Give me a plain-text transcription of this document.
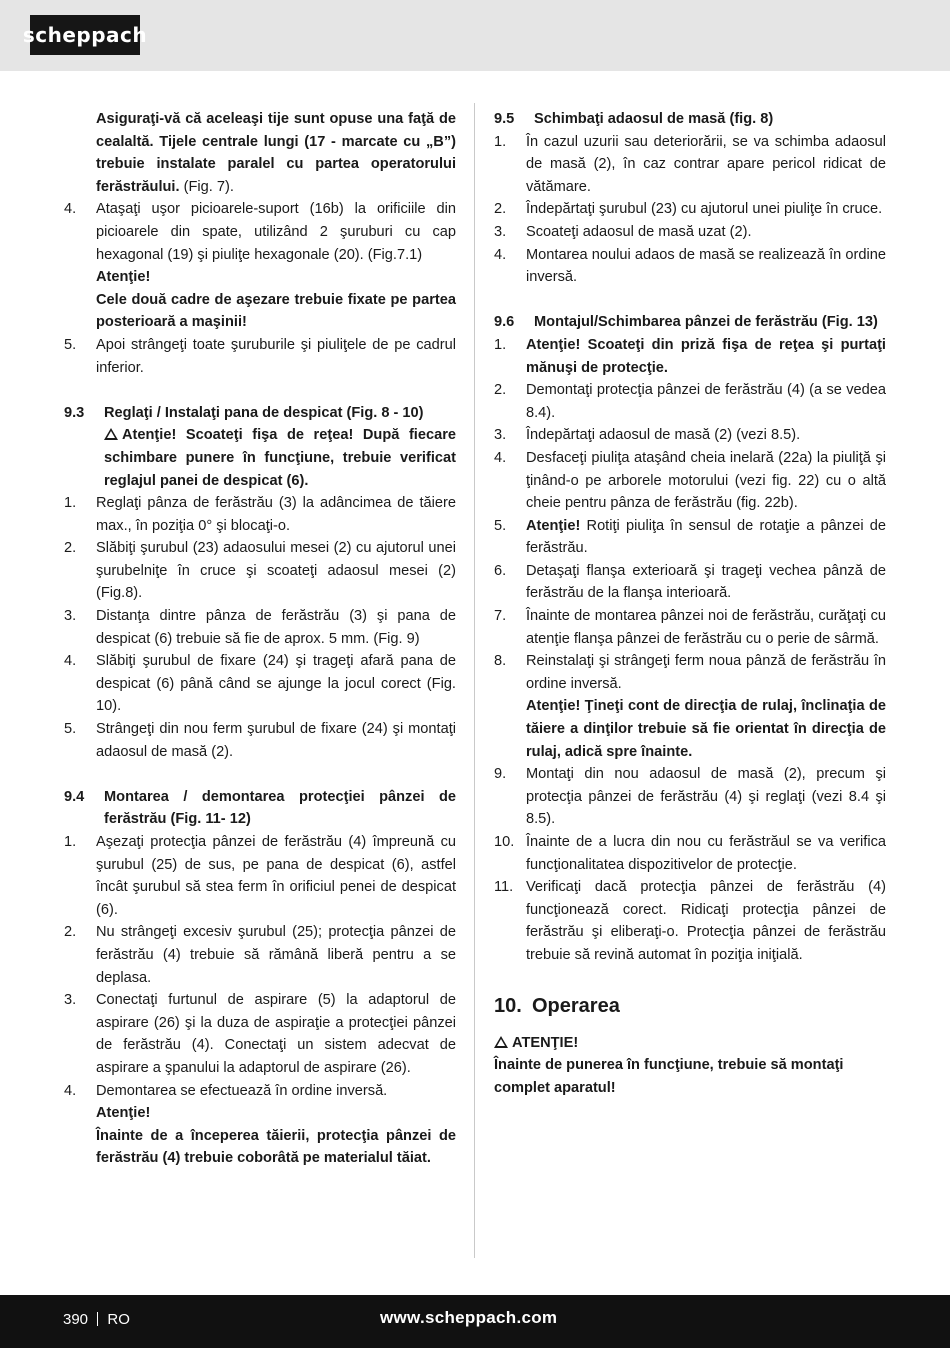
scheppach
Asiguraţi-vă că aceleaşi tije sunt opuse una faţă de cealaltă. Tijele centrale lungi (17 - marcate cu „B”) trebuie instalate paralel cu partea operatorului ferăstrăului. (Fig. 7).
4.	Ataşaţi uşor picioarele-suport (16b) la orificiile din picioarele din spate, utilizând 2 şuruburi cu cap hexagonal (19) şi piuliţe hexagonale (20). (Fig.7.1)
Atenţie!
Cele două cadre de aşezare trebuie fixate pe partea posterioară a maşinii!
5.	Apoi strângeţi toate şuruburile şi piuliţele de pe cadrul inferior.
9.3	Reglaţi / Instalaţi pana de despicat (Fig. 8 - 10)
Atenţie! Scoateţi fişa de reţea! După fiecare schimbare punere în funcţiune, trebuie verificat reglajul panei de despicat (6).
1.	Reglaţi pânza de ferăstrău (3) la adâncimea de tăiere max., în poziţia 0° şi blocaţi-o.
2.	Slăbiţi şurubul (23) adaosului mesei (2) cu ajutorul unei şurubelniţe în cruce şi scoateţi adaosul mesei (2) (Fig.8).
3.	Distanţa dintre pânza de ferăstrău (3) şi pana de despicat (6) trebuie să fie de aprox. 5 mm. (Fig. 9)
4.	Slăbiţi şurubul de fixare (24) şi trageţi afară pana de despicat (6) până când se ajunge la jocul corect (Fig. 10).
5.	Strângeţi din nou ferm şurubul de fixare (24) şi montaţi adaosul de masă (2).
9.4	Montarea / demontarea protecţiei pânzei de ferăstrău (Fig. 11- 12)
1.	Aşezaţi protecţia pânzei de ferăstrău (4) împreună cu şurubul (25) de sus, pe pana de despicat (6), astfel încât şurubul să stea ferm în orificiul penei de despicat (6).
2.	Nu strângeţi excesiv şurubul (25); protecţia pânzei de ferăstrău (4) trebuie să rămână liberă pentru a se deplasa.
3.	Conectaţi furtunul de aspirare (5) la adaptorul de aspirare (26) şi la duza de aspiraţie a protecţiei pânzei de ferăstrău (4). Conectaţi un sistem adecvat de aspirare a şpanului la adaptorul de aspirare (26).
4.	Demontarea se efectuează în ordine inversă.
Atenţie!
Înainte de a începerea tăierii, protecţia pânzei de ferăstrău (4) trebuie coborâtă pe materialul tăiat.
9.5	Schimbaţi adaosul de masă (fig. 8)
1.	În cazul uzurii sau deteriorării, se va schimba adaosul de masă (2), în caz contrar apare pericol ridicat de vătămare.
2.	Îndepărtaţi şurubul (23) cu ajutorul unei piuliţe în cruce.
3.	Scoateţi adaosul de masă uzat (2).
4.	Montarea noului adaos de masă se realizează în ordine inversă.
9.6	Montajul/Schimbarea pânzei de ferăstrău (Fig. 13)
1.	Atenţie! Scoateţi din priză fişa de reţea şi purtaţi mănuşi de protecţie.
2.	Demontaţi protecţia pânzei de ferăstrău (4) (a se vedea 8.4).
3.	Îndepărtaţi adaosul de masă (2) (vezi 8.5).
4.	Desfaceţi piuliţa ataşând cheia inelară (22a) la piuliţă şi ţinând-o pe arborele motorului (vezi fig. 22) cu o altă cheie pentru pânza de ferăstrău (fig. 22b).
5.	Atenţie! Rotiţi piuliţa în sensul de rotaţie a pânzei de ferăstrău.
6.	Detaşaţi flanşa exterioară şi trageţi vechea pânză de ferăstrău de la flanşa interioară.
7.	Înainte de montarea pânzei noi de ferăstrău, curăţaţi cu atenţie flanşa pânzei de ferăstrău cu o perie de sârmă.
8.	Reinstalaţi şi strângeţi ferm noua pânză de ferăstrău în ordine inversă.
Atenţie! Ţineţi cont de direcţia de rulaj, înclinaţia de tăiere a dinţilor trebuie să fie orientat în direcţia de rulaj, adică spre înainte.
9.	Montaţi din nou adaosul de masă (2), precum şi protecţia pânzei de ferăstrău (4) şi reglaţi (vezi 8.4 şi 8.5).
10. Înainte de a lucra din nou cu ferăstrăul se va verifica funcţionalitatea dispozitivelor de protecţie.
11. Verificaţi dacă protecţia pânzei de ferăstrău (4) funcţionează corect. Ridicaţi protecţia pânzei de ferăstrău şi eliberaţi-o. Protecţia pânzei de ferăstrău trebuie să revină automat în poziţia iniţială.
10. Operarea
ATENŢIE!
Înainte de punerea în funcţiune, trebuie să montaţi complet aparatul!
390 RO	www.scheppach.com
